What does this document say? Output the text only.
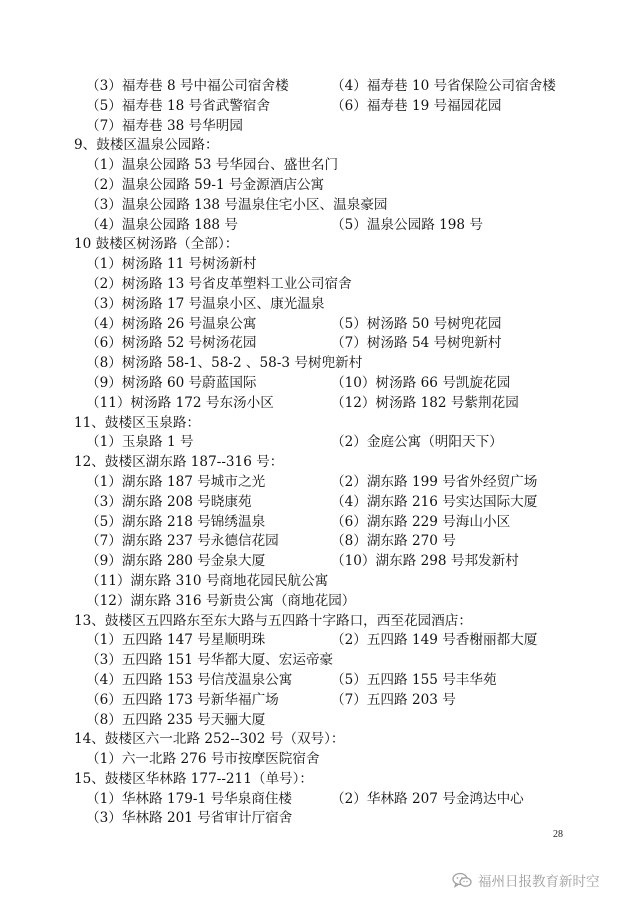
（3）福寿巷 8 号中福公司宿舍楼	（4）福寿巷 10 号省保险公司宿舍楼
（5）福寿巷 18 号省武警宿舍	（6）福寿巷 19 号福园花园
（7）福寿巷 38 号华明园
9、鼓楼区温泉公园路：
（1）温泉公园路 53 号华园台、盛世名门
（2）温泉公园路 59-1 号金源酒店公寓
（3）温泉公园路 138 号温泉住宅小区、温泉豪园
（4）温泉公园路 188 号	（5）温泉公园路 198 号
10 鼓楼区树汤路（全部）：
（1）树汤路 11 号树汤新村
（2）树汤路 13 号省皮革塑料工业公司宿舍
（3）树汤路 17 号温泉小区、康光温泉
（4）树汤路 26 号温泉公寓	（5）树汤路 50 号树兜花园
（6）树汤路 52 号树汤花园	（7）树汤路 54 号树兜新村
（8）树汤路 58-1、58-2 、58-3 号树兜新村
（9）树汤路 60 号蔚蓝国际	（10）树汤路 66 号凯旋花园
（11）树汤路 172 号东汤小区	（12）树汤路 182 号紫荆花园
11、鼓楼区玉泉路：
（1）玉泉路 1 号	（2）金庭公寓（明阳天下）
12、鼓楼区湖东路 187--316 号：
（1）湖东路 187 号城市之光	（2）湖东路 199 号省外经贸广场
（3）湖东路 208 号晓康苑	（4）湖东路 216 号实达国际大厦
（5）湖东路 218 号锦绣温泉	（6）湖东路 229 号海山小区
（7）湖东路 237 号永德信花园	（8）湖东路 270 号
（9）湖东路 280 号金泉大厦	（10）湖东路 298 号邦发新村
（11）湖东路 310 号商地花园民航公寓
（12）湖东路 316 号新贵公寓（商地花园）
13、鼓楼区五四路东至东大路与五四路十字路口，西至花园酒店：
（1）五四路 147 号星顺明珠	（2）五四路 149 号香榭丽都大厦
（3）五四路 151 号华都大厦、宏运帝豪
（4）五四路 153 号信茂温泉公寓	（5）五四路 155 号丰华苑
（6）五四路 173 号新华福广场	（7）五四路 203 号
（8）五四路 235 号天骊大厦
14、鼓楼区六一北路 252--302 号（双号）：
（1）六一北路 276 号市按摩医院宿舍
15、鼓楼区华林路 177--211（单号）：
（1）华林路 179-1 号华泉商住楼	（2）华林路 207 号金鸿达中心
（3）华林路 201 号省审计厅宿舍
28
福州日报教育新时空
